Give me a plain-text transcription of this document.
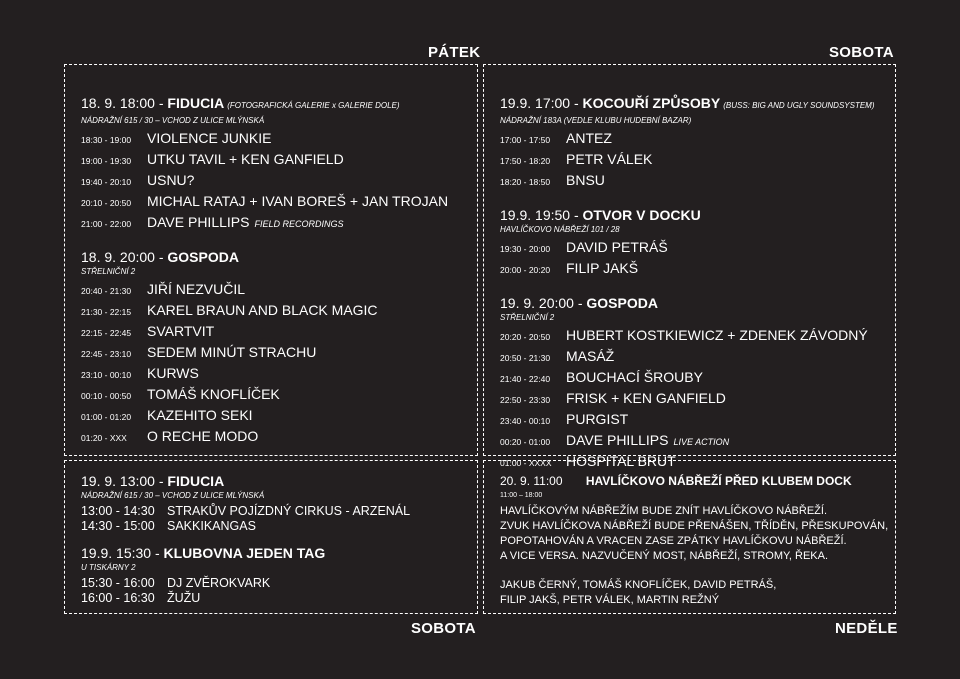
PÁTEK	SOBOTA
SOBOTA	NEDĚLE
18. 9. 18:00 - FIDUCIA (FOTOGRAFICKÁ GALERIE x GALERIE DOLE)
NÁDRAŽNÍ 615 / 30 – VCHOD Z ULICE MLÝNSKÁ
18:30 - 19:00	VIOLENCE JUNKIE
19:00 - 19:30	UTKU TAVIL + KEN GANFIELD
19:40 - 20:10	USNU?
20:10 - 20:50	MICHAL RATAJ + IVAN BOREŠ + JAN TROJAN
21:00 - 22:00	DAVE PHILLIPS FIELD RECORDINGS
18. 9. 20:00 - GOSPODA
STŘELNIČNÍ 2
20:40 - 21:30	JIŘÍ NEZVUČIL
21:30 - 22:15	KAREL BRAUN AND BLACK MAGIC
22:15 - 22:45	SVARTVIT
22:45 - 23:10	SEDEM MINÚT STRACHU
23:10 - 00:10	KURWS
00:10 - 00:50	TOMÁŠ KNOFLÍČEK
01:00 - 01:20	KAZEHITO SEKI
01:20 - XXX	O RECHE MODO
19.9. 17:00 - KOCOUŘÍ ZPŮSOBY (BUSS: BIG AND UGLY SOUNDSYSTEM)
NÁDRAŽNÍ 183A (VEDLE KLUBU HUDEBNÍ BAZAR)
17:00 - 17:50	ANTEZ
17:50 - 18:20	PETR VÁLEK
18:20 - 18:50	BNSU
19.9. 19:50 - OTVOR V DOCKU
HAVLÍČKOVO NÁBŘEŽÍ 101 / 28
19:30 - 20:00	DAVID PETRÁŠ
20:00 - 20:20	FILIP JAKŠ
19. 9. 20:00 - GOSPODA
STŘELNIČNÍ 2
20:20 - 20:50	HUBERT KOSTKIEWICZ + ZDENEK ZÁVODNÝ
20:50 - 21:30	MASÁŽ
21:40 - 22:40	BOUCHACÍ ŠROUBY
22:50 - 23:30	FRISK + KEN GANFIELD
23:40 - 00:10	PURGIST
00:20 - 01:00	DAVE PHILLIPS LIVE ACTION
01:00 - XXXX	HOSPITAL BRUT
19. 9. 13:00 - FIDUCIA
NÁDRAŽNÍ 615 / 30 – VCHOD Z ULICE MLÝNSKÁ
13:00 - 14:30 STRAKŮV POJÍZDNÝ CIRKUS - ARZENÁL
14:30 - 15:00 SAKKIKANGAS
19.9. 15:30 - KLUBOVNA JEDEN TAG
U TISKÁRNY 2
15:30 - 16:00 DJ ZVĚROKVARK
16:00 - 16:30 ŽUŽU
20. 9. 11:00 HAVLÍČKOVO NÁBŘEŽÍ PŘED KLUBEM DOCK
11:00 – 18:00
HAVLÍČKOVÝM NÁBŘEŽÍM BUDE ZNÍT HAVLÍČKOVO NÁBŘEŽÍ.
ZVUK HAVLÍČKOVA NÁBŘEŽÍ BUDE PŘENÁŠEN, TŘÍDĚN, PŘESKUPOVÁN,
POPOTAHOVÁN A VRACEN ZASE ZPÁTKY HAVLÍČKOVU NÁBŘEŽÍ.
A VICE VERSA. NAZVUČENÝ MOST, NÁBŘEŽÍ, STROMY, ŘEKA.
JAKUB ČERNÝ, TOMÁŠ KNOFLÍČEK, DAVID PETRÁŠ,
FILIP JAKŠ, PETR VÁLEK, MARTIN REŽNÝ
